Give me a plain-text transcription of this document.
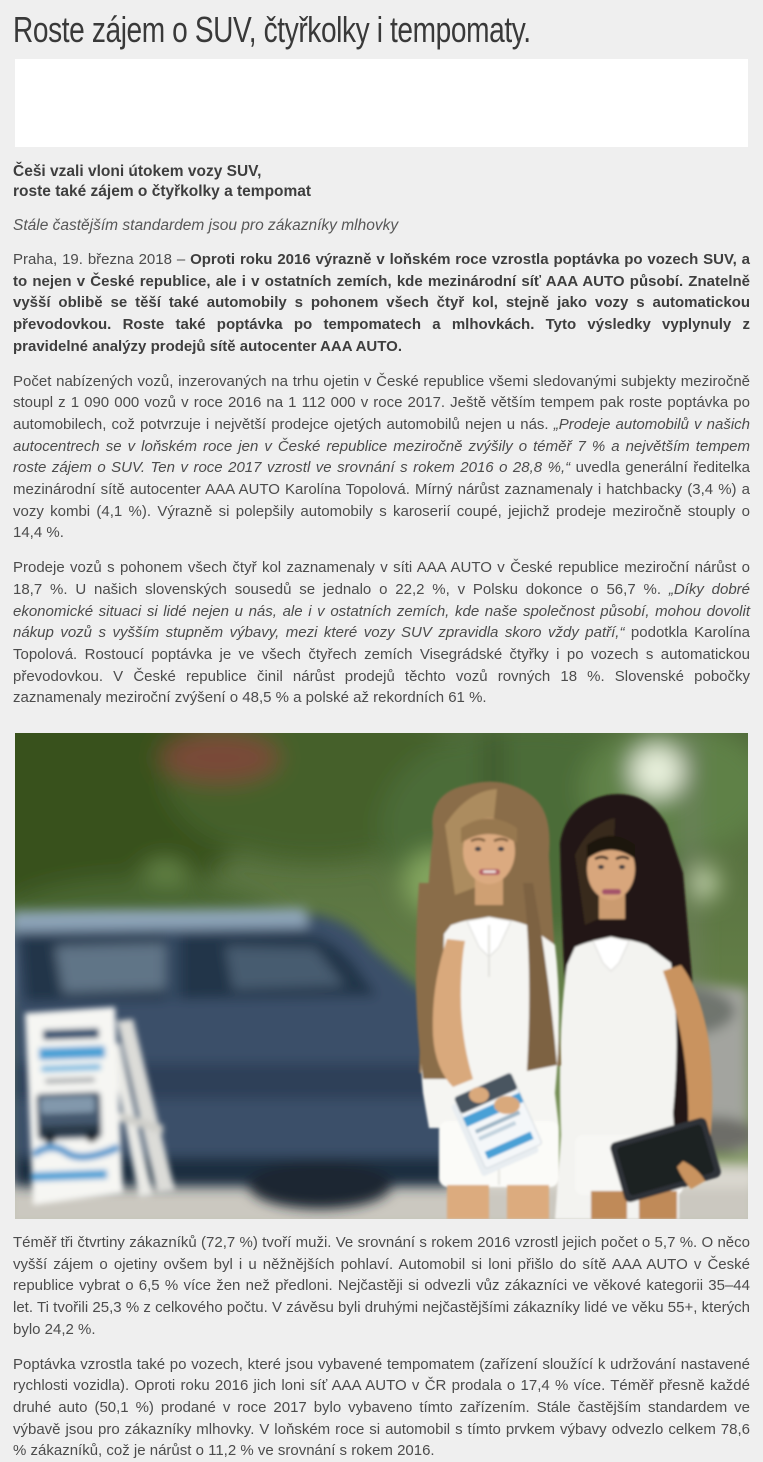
Roste zájem o SUV, čtyřkolky i tempomaty.
Češi vzali vloni útokem vozy SUV,
roste také zájem o čtyřkolky a tempomat
Stále častějším standardem jsou pro zákazníky mlhovky

Praha, 19. března 2018 – Oproti roku 2016 výrazně v loňském roce vzrostla poptávka po vozech SUV, a to nejen v České republice, ale i v ostatních zemích, kde mezinárodní síť AAA AUTO působí. Znatelně vyšší oblibě se těší také automobily s pohonem všech čtyř kol, stejně jako vozy s automatickou převodovkou. Roste také poptávka po tempomatech a mlhovkách. Tyto výsledky vyplynuly z pravidelné analýzy prodejů sítě autocenter AAA AUTO.

Počet nabízených vozů, inzerovaných na trhu ojetin v České republice všemi sledovanými subjekty meziročně stoupl z 1 090 000 vozů v roce 2016 na 1 112 000 v roce 2017. Ještě větším tempem pak roste poptávka po automobilech, což potvrzuje i největší prodejce ojetých automobilů nejen u nás. „Prodeje automobilů v našich autocentrech se v loňském roce jen v České republice meziročně zvýšily o téměř 7 % a největším tempem roste zájem o SUV. Ten v roce 2017 vzrostl ve srovnání s rokem 2016 o 28,8 %,“ uvedla generální ředitelka mezinárodní sítě autocenter AAA AUTO Karolína Topolová. Mírný nárůst zaznamenaly i hatchbacky (3,4 %) a vozy kombi (4,1 %). Výrazně si polepšily automobily s karoserií coupé, jejichž prodeje meziročně stouply o 14,4 %.

Prodeje vozů s pohonem všech čtyř kol zaznamenaly v síti AAA AUTO v České republice meziroční nárůst o 18,7 %. U našich slovenských sousedů se jednalo o 22,2 %, v Polsku dokonce o 56,7 %. „Díky dobré ekonomické situaci si lidé nejen u nás, ale i v ostatních zemích, kde naše společnost působí, mohou dovolit nákup vozů s vyšším stupněm výbavy, mezi které vozy SUV zpravidla skoro vždy patří,“ podotkla Karolína Topolová. Rostoucí poptávka je ve všech čtyřech zemích Visegrádské čtyřky i po vozech s automatickou převodovkou. V České republice činil nárůst prodejů těchto vozů rovných 18 %. Slovenské pobočky zaznamenaly meziroční zvýšení o 48,5 % a polské až rekordních 61 %.

Téměř tři čtvrtiny zákazníků (72,7 %) tvoří muži. Ve srovnání s rokem 2016 vzrostl jejich počet o 5,7 %. O něco vyšší zájem o ojetiny ovšem byl i u něžnějších pohlaví. Automobil si loni přišlo do sítě AAA AUTO v České republice vybrat o 6,5 % více žen než předloni. Nejčastěji si odvezli vůz zákazníci ve věkové kategorii 35–44 let. Ti tvořili 25,3 % z celkového počtu. V závěsu byli druhými nejčastějšími zákazníky lidé ve věku 55+, kterých bylo 24,2 %.

Poptávka vzrostla také po vozech, které jsou vybavené tempomatem (zařízení sloužící k udržování nastavené rychlosti vozidla). Oproti roku 2016 jich loni síť AAA AUTO v ČR prodala o 17,4 % více. Téměř přesně každé druhé auto (50,1 %) prodané v roce 2017 bylo vybaveno tímto zařízením. Stále častějším standardem ve výbavě jsou pro zákazníky mlhovky. V loňském roce si automobil s tímto prvkem výbavy odvezlo celkem 78,6 % zákazníků, což je nárůst o 11,2 % ve srovnání s rokem 2016.
